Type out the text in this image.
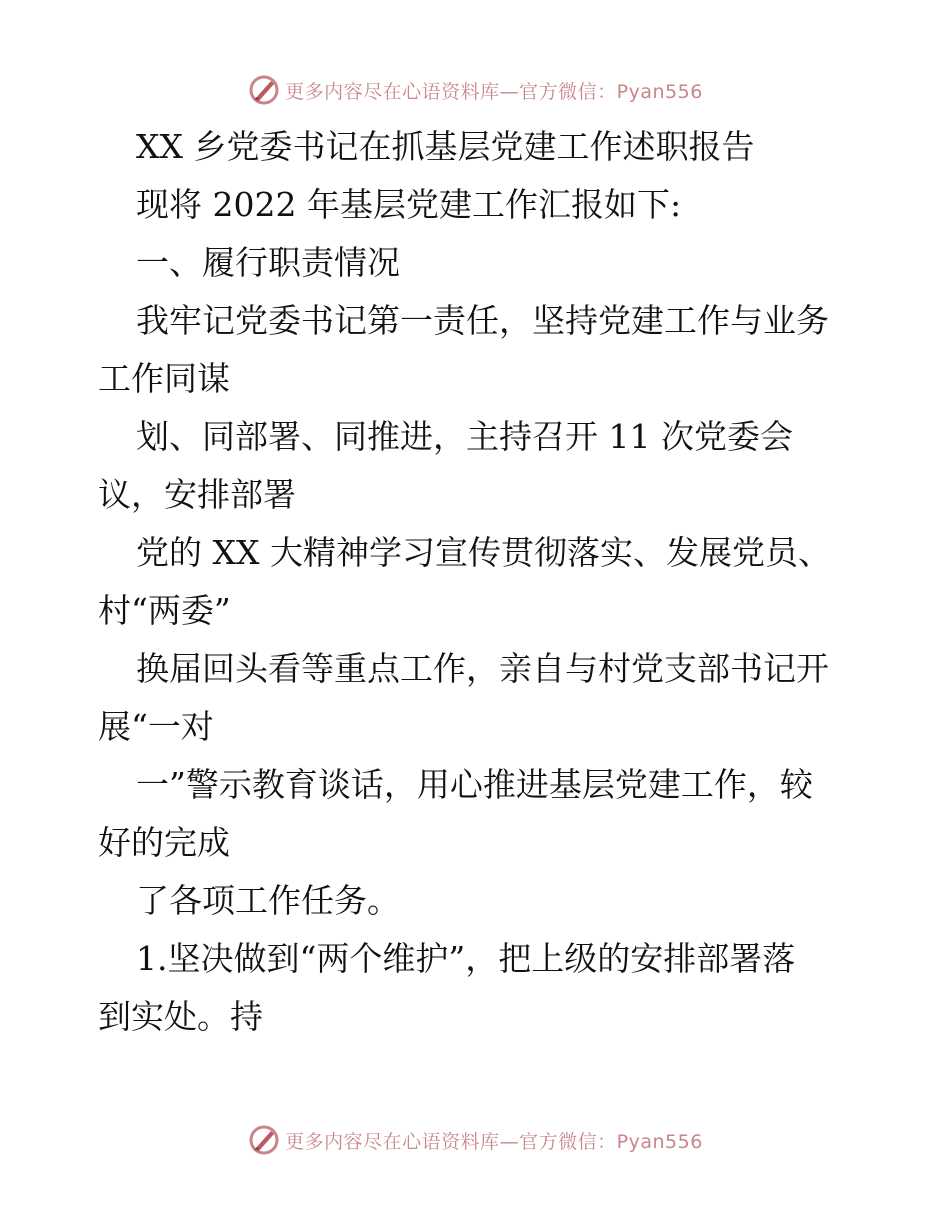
更多内容尽在心语资料库—官方微信：Pyan556
XX 乡党委书记在抓基层党建工作述职报告
现将 2022 年基层党建工作汇报如下:
一、履行职责情况
我牢记党委书记第一责任，坚持党建工作与业务
工作同谋
划、同部署、同推进，主持召开 11 次党委会
议，安排部署
党的 XX 大精神学习宣传贯彻落实、发展党员、
村“两委”
换届回头看等重点工作，亲自与村党支部书记开
展“一对
一”警示教育谈话，用心推进基层党建工作，较
好的完成
了各项工作任务。
1.坚决做到“两个维护”，把上级的安排部署落
到实处。持
更多内容尽在心语资料库—官方微信：Pyan556
